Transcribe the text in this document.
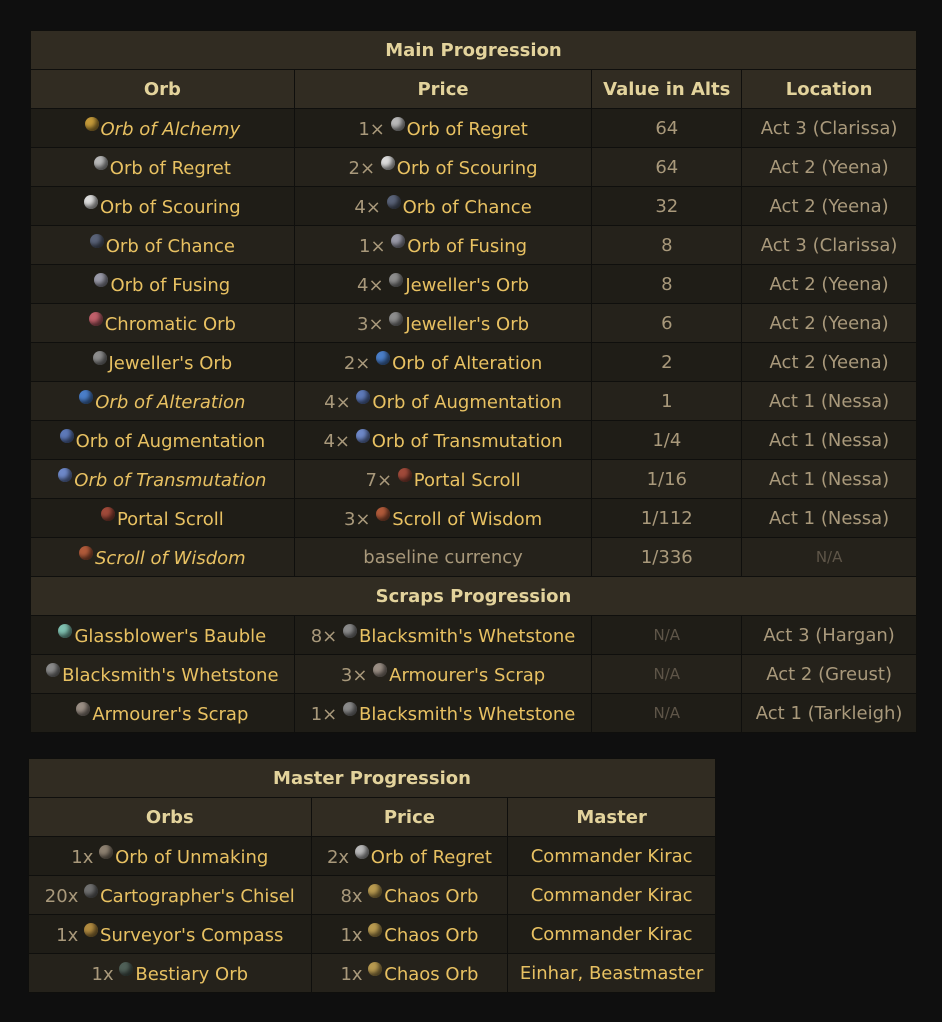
Main Progression			
Orb	Price	Value in Alts	Location
Orb of Alchemy	1× Orb of Regret	64	Act 3 (Clarissa)
Orb of Regret	2× Orb of Scouring	64	Act 2 (Yeena)
Orb of Scouring	4× Orb of Chance	32	Act 2 (Yeena)
Orb of Chance	1× Orb of Fusing	8	Act 3 (Clarissa)
Orb of Fusing	4× Jeweller's Orb	8	Act 2 (Yeena)
Chromatic Orb	3× Jeweller's Orb	6	Act 2 (Yeena)
Jeweller's Orb	2× Orb of Alteration	2	Act 2 (Yeena)
Orb of Alteration	4× Orb of Augmentation	1	Act 1 (Nessa)
Orb of Augmentation	4× Orb of Transmutation	1/4	Act 1 (Nessa)
Orb of Transmutation	7× Portal Scroll	1/16	Act 1 (Nessa)
Portal Scroll	3× Scroll of Wisdom	1/112	Act 1 (Nessa)
Scroll of Wisdom	baseline currency	1/336	N/A
Scraps Progression			
Glassblower's Bauble	8× Blacksmith's Whetstone	N/A	Act 3 (Hargan)
Blacksmith's Whetstone	3× Armourer's Scrap	N/A	Act 2 (Greust)
Armourer's Scrap	1× Blacksmith's Whetstone	N/A	Act 1 (Tarkleigh)
Master Progression		
Orbs	Price	Master
1x Orb of Unmaking	2x Orb of Regret	Commander Kirac
20x Cartographer's Chisel	8x Chaos Orb	Commander Kirac
1x Surveyor's Compass	1x Chaos Orb	Commander Kirac
1x Bestiary Orb	1x Chaos Orb	Einhar, Beastmaster
